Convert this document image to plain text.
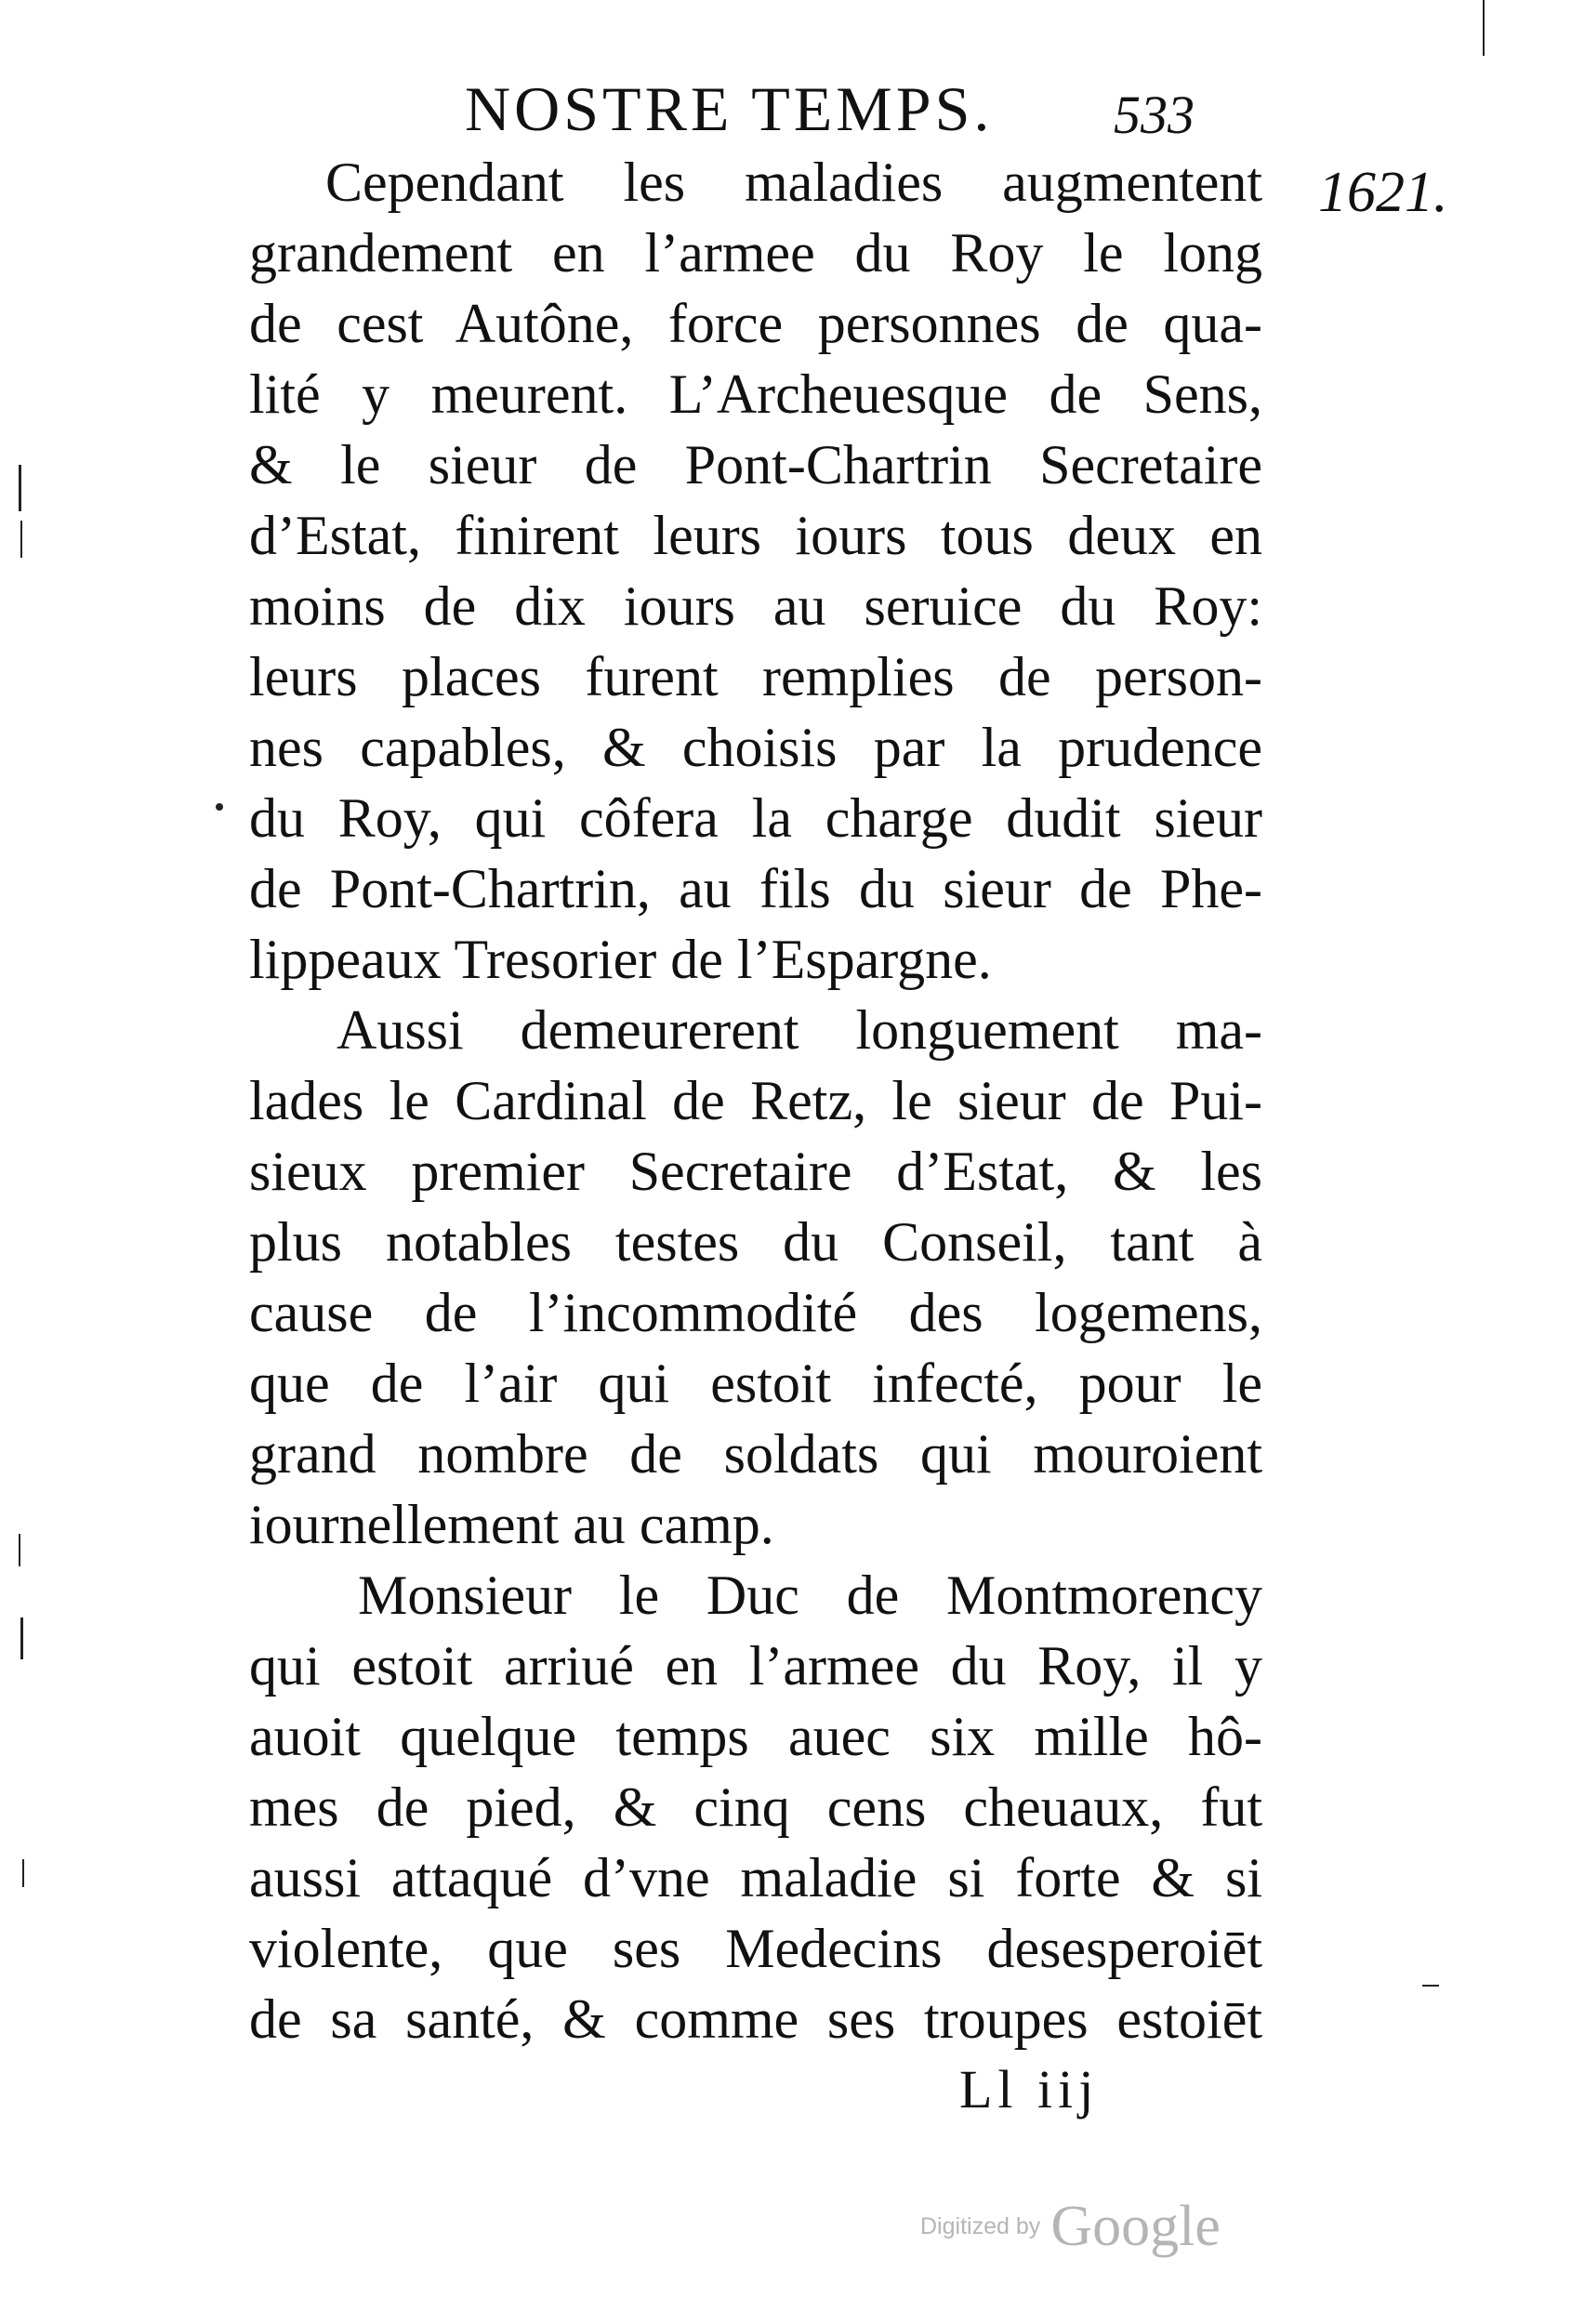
NOSTRE TEMPS. 533
1621.
Cependant les maladies augmentent
grandement en l’armee du Roy le long
de cest Autône, force personnes de qua-
lité y meurent. L’Archeuesque de Sens,
& le sieur de Pont-Chartrin Secretaire
d’Estat, finirent leurs iours tous deux en
moins de dix iours au seruice du Roy:
leurs places furent remplies de person-
nes capables, & choisis par la prudence
du Roy, qui côfera la charge dudit sieur
de Pont-Chartrin, au fils du sieur de Phe-
lippeaux Tresorier de l’Espargne.
Aussi demeurerent longuement ma-
lades le Cardinal de Retz, le sieur de Pui-
sieux premier Secretaire d’Estat, & les
plus notables testes du Conseil, tant à
cause de l’incommodité des logemens,
que de l’air qui estoit infecté, pour le
grand nombre de soldats qui mouroient
iournellement au camp.
Monsieur le Duc de Montmorency
qui estoit arriué en l’armee du Roy, il y
auoit quelque temps auec six mille hô-
mes de pied, & cinq cens cheuaux, fut
aussi attaqué d’vne maladie si forte & si
violente, que ses Medecins desesperoiēt
de sa santé, & comme ses troupes estoiēt
Ll iij
Digitized by Google
